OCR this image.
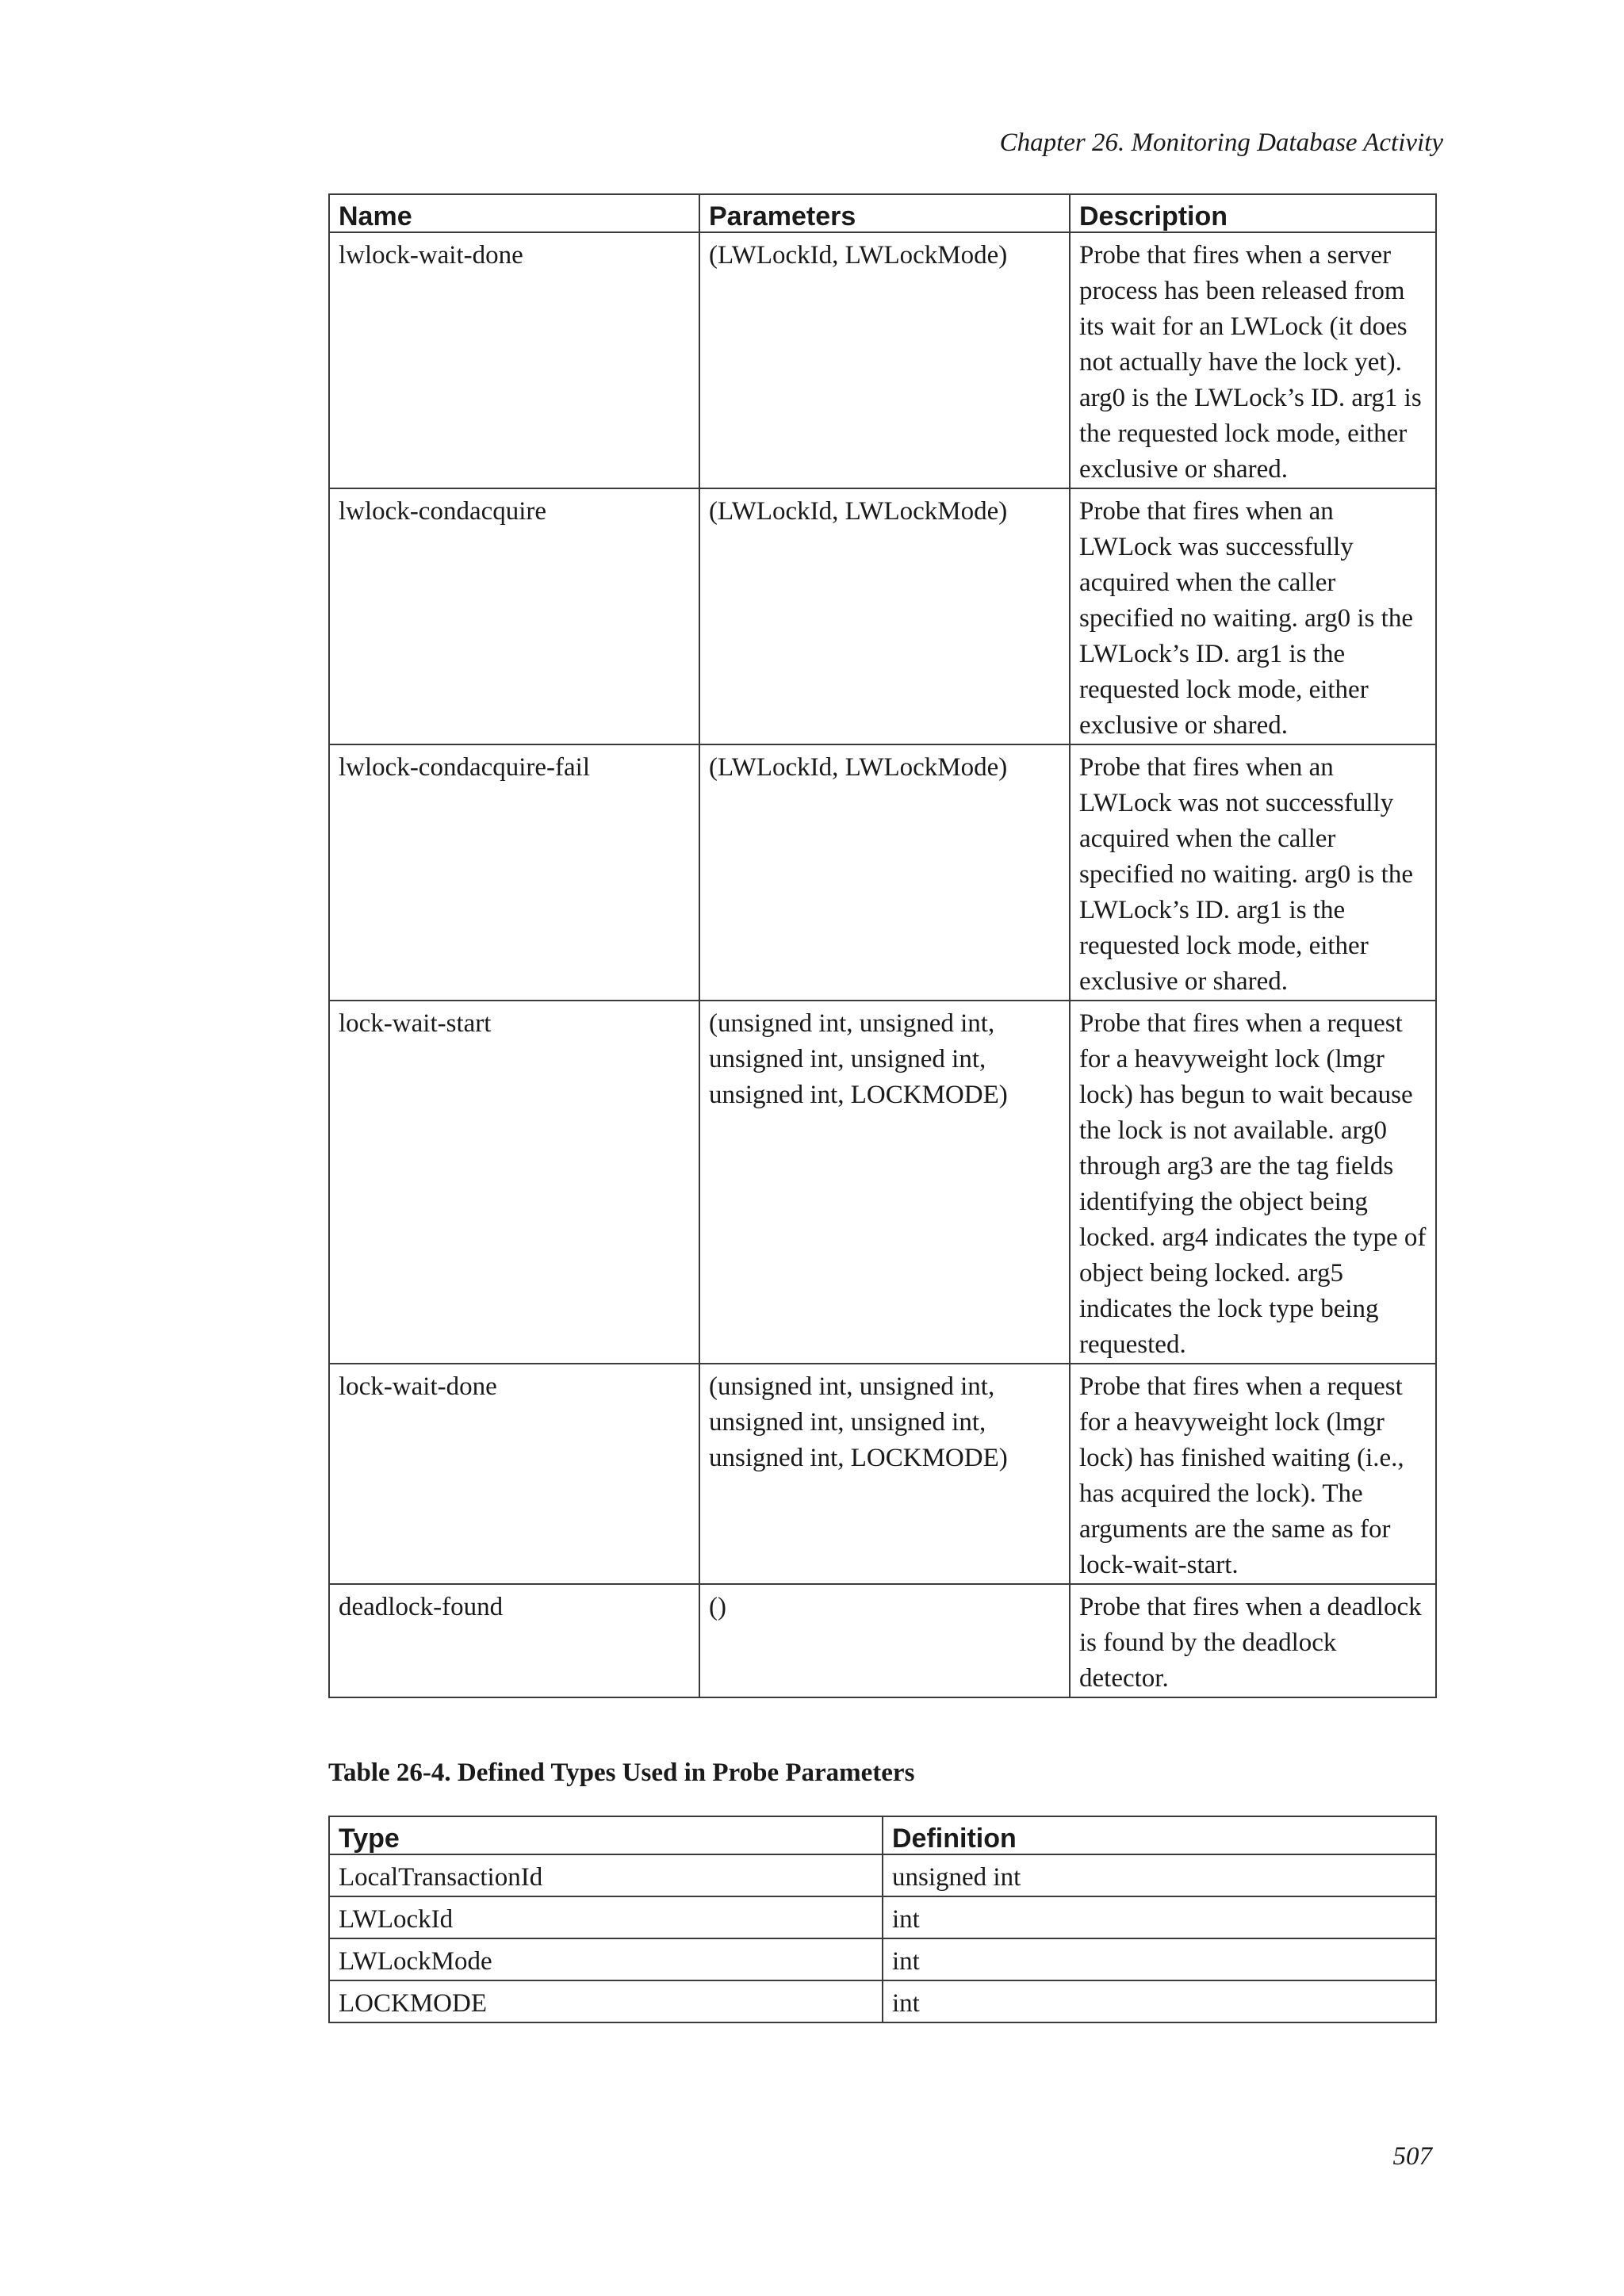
Chapter 26. Monitoring Database Activity
Name	Parameters	Description
lwlock-wait-done	(LWLockId, LWLockMode)	Probe that fires when a server process has been released from its wait for an LWLock (it does not actually have the lock yet). arg0 is the LWLock’s ID. arg1 is the requested lock mode, either exclusive or shared.
lwlock-condacquire	(LWLockId, LWLockMode)	Probe that fires when an LWLock was successfully acquired when the caller specified no waiting. arg0 is the LWLock’s ID. arg1 is the requested lock mode, either exclusive or shared.
lwlock-condacquire-fail	(LWLockId, LWLockMode)	Probe that fires when an LWLock was not successfully acquired when the caller specified no waiting. arg0 is the LWLock’s ID. arg1 is the requested lock mode, either exclusive or shared.
lock-wait-start	(unsigned int, unsigned int, unsigned int, unsigned int, unsigned int, LOCKMODE)	Probe that fires when a request for a heavyweight lock (lmgr lock) has begun to wait because the lock is not available. arg0 through arg3 are the tag fields identifying the object being locked. arg4 indicates the type of object being locked. arg5 indicates the lock type being requested.
lock-wait-done	(unsigned int, unsigned int, unsigned int, unsigned int, unsigned int, LOCKMODE)	Probe that fires when a request for a heavyweight lock (lmgr lock) has finished waiting (i.e., has acquired the lock). The arguments are the same as for lock-wait-start.
deadlock-found	()	Probe that fires when a deadlock is found by the deadlock detector.
Table 26-4. Defined Types Used in Probe Parameters
Type	Definition
LocalTransactionId	unsigned int
LWLockId	int
LWLockMode	int
LOCKMODE	int
507
